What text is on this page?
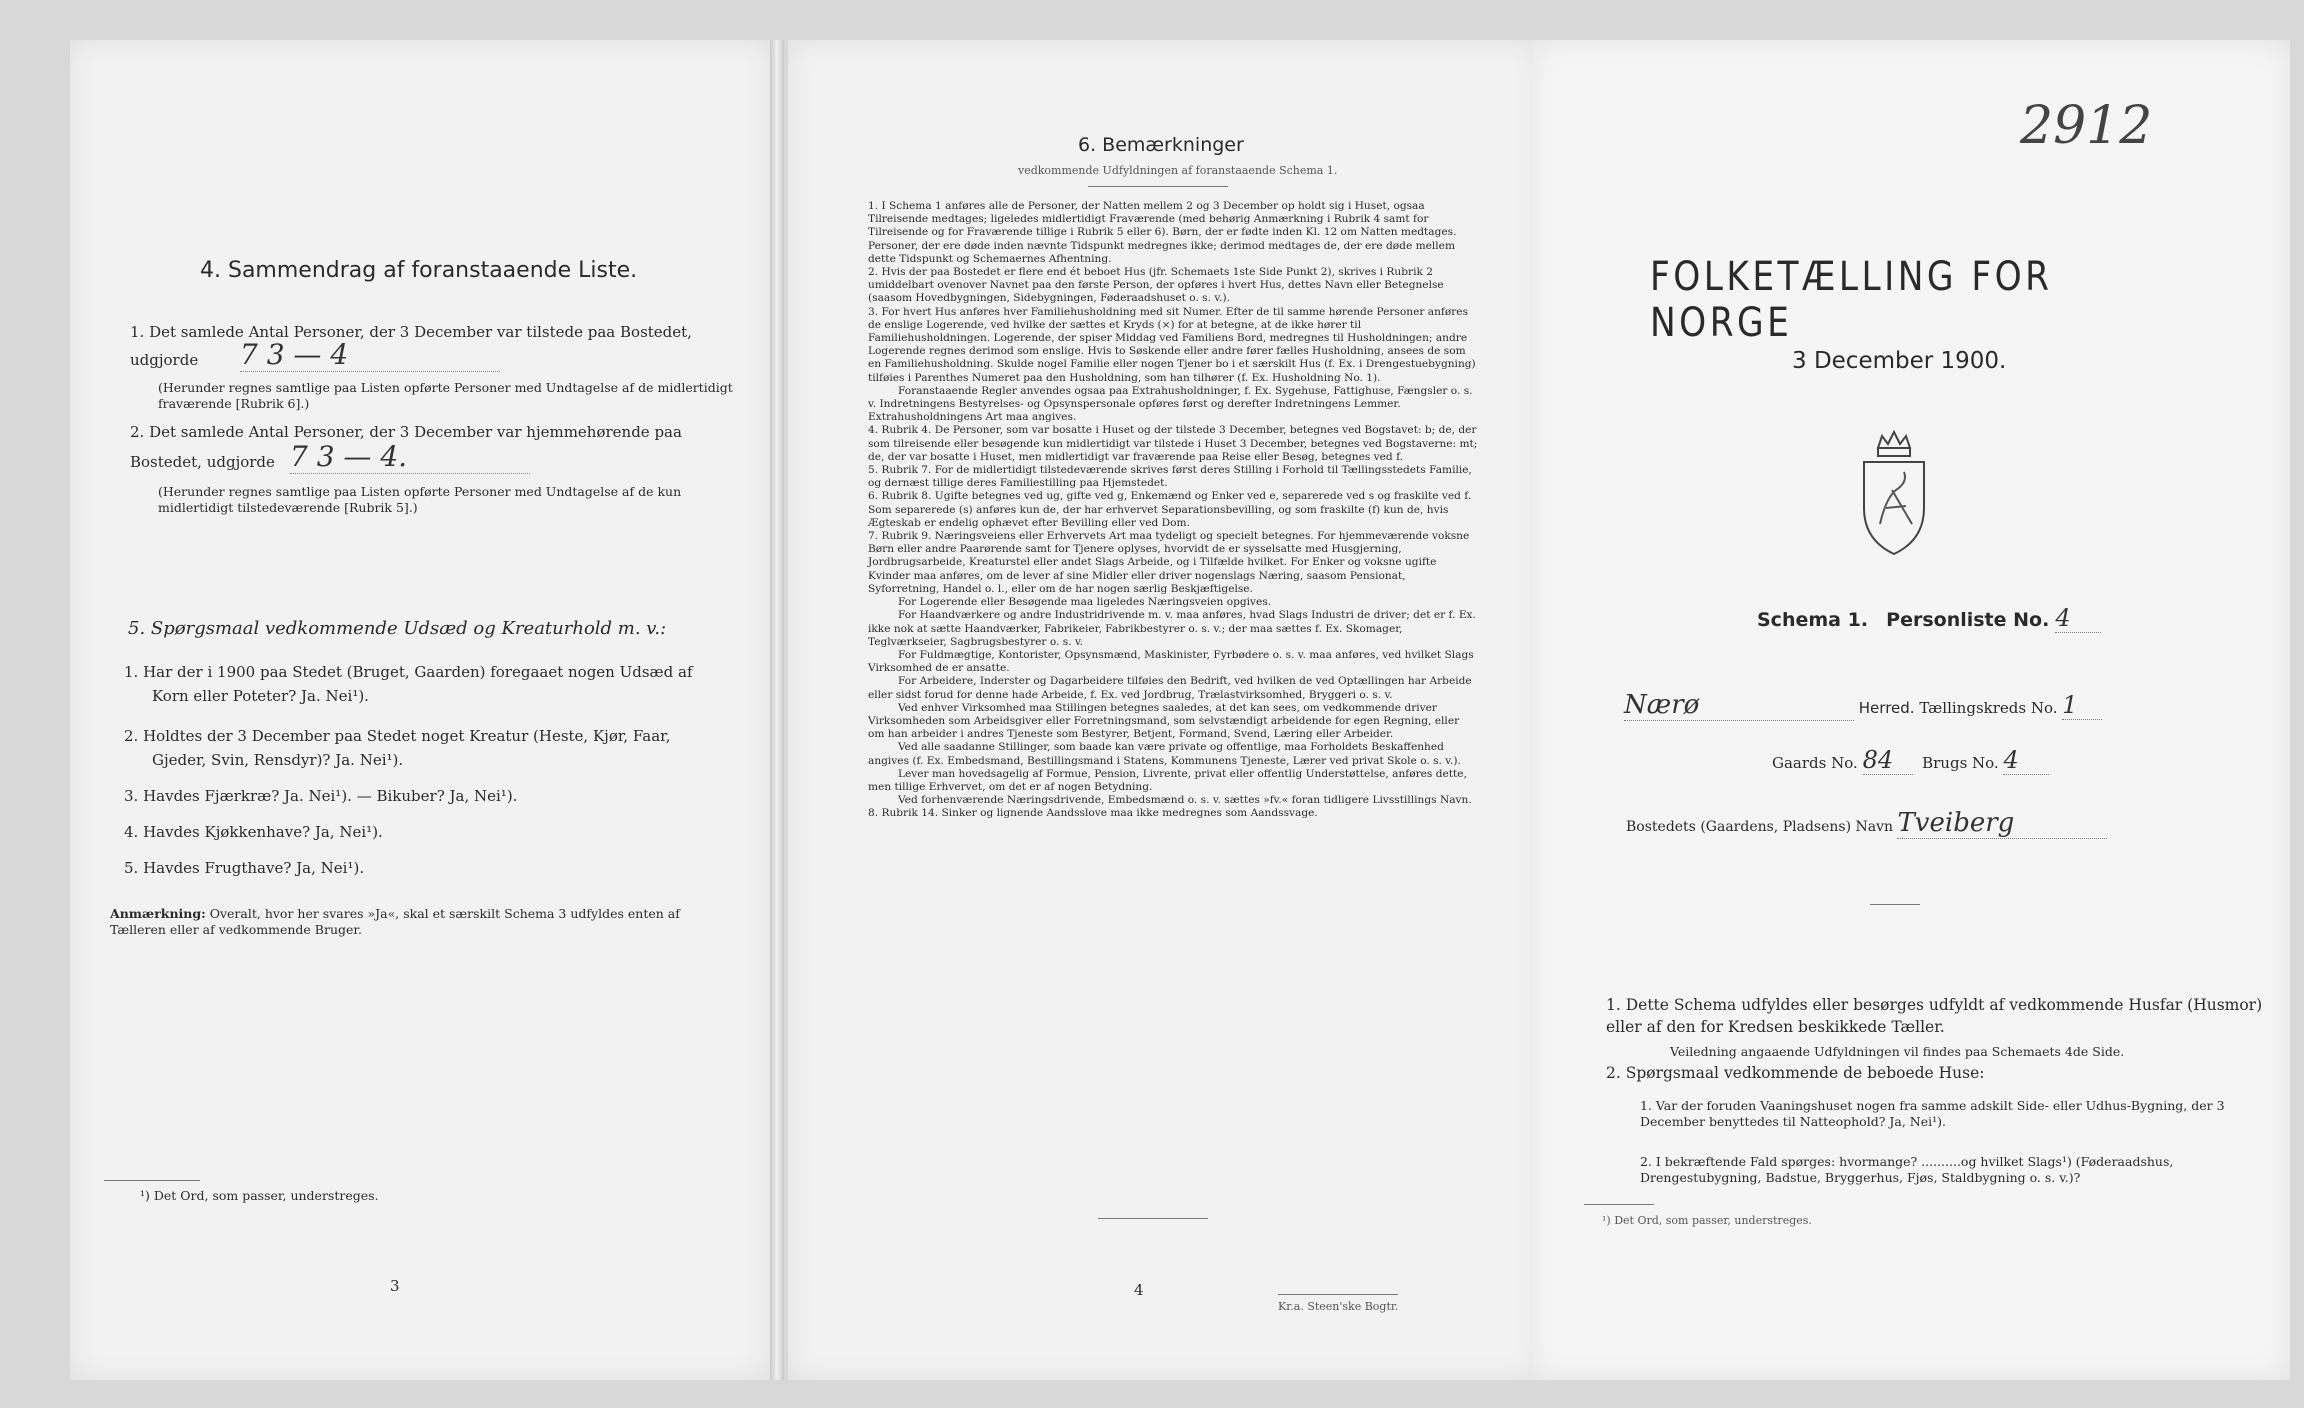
4. Sammendrag af foranstaaende Liste.
1. Det samlede Antal Personer, der 3 December var tilstede paa Bostedet,
udgjorde 7 3 — 4
(Herunder regnes samtlige paa Listen opførte Personer med Undtagelse af de midlertidigt fraværende [Rubrik 6].)
2. Det samlede Antal Personer, der 3 December var hjemmehørende paa
Bostedet, udgjorde 7 3 — 4.
(Herunder regnes samtlige paa Listen opførte Personer med Undtagelse af de kun midlertidigt tilstedeværende [Rubrik 5].)
5. Spørgsmaal vedkommende Udsæd og Kreaturhold m. v.:
1. Har der i 1900 paa Stedet (Bruget, Gaarden) foregaaet nogen Udsæd af
Korn eller Poteter? Ja. Nei¹).
2. Holdtes der 3 December paa Stedet noget Kreatur (Heste, Kjør, Faar,
Gjeder, Svin, Rensdyr)? Ja. Nei¹).
3. Havdes Fjærkræ? Ja. Nei¹). — Bikuber? Ja, Nei¹).
4. Havdes Kjøkkenhave? Ja, Nei¹).
5. Havdes Frugthave? Ja, Nei¹).
Anmærkning: Overalt, hvor her svares »Ja«, skal et særskilt Schema 3 udfyldes enten af Tælleren eller af vedkommende Bruger.
¹) Det Ord, som passer, understreges.
3
6. Bemærkninger
vedkommende Udfyldningen af foranstaaende Schema 1.

1. I Schema 1 anføres alle de Personer, der Natten mellem 2 og 3 December op holdt sig i Huset, ogsaa Tilreisende medtages; ligeledes midlertidigt Fraværende (med behørig Anmærkning i Rubrik 4 samt for Tilreisende og for Fraværende tillige i Rubrik 5 eller 6). Børn, der er fødte inden Kl. 12 om Natten medtages. Personer, der ere døde inden nævnte Tidspunkt medregnes ikke; derimod medtages de, der ere døde mellem dette Tidspunkt og Schemaernes Afhentning.

2. Hvis der paa Bostedet er flere end ét beboet Hus (jfr. Schemaets 1ste Side Punkt 2), skrives i Rubrik 2 umiddelbart ovenover Navnet paa den første Person, der opføres i hvert Hus, dettes Navn eller Betegnelse (saasom Hovedbygningen, Sidebygningen, Føderaadshuset o. s. v.).

3. For hvert Hus anføres hver Familiehusholdning med sit Numer. Efter de til samme hørende Personer anføres de enslige Logerende, ved hvilke der sættes et Kryds (×) for at betegne, at de ikke hører til Familiehusholdningen. Logerende, der spiser Middag ved Familiens Bord, medregnes til Husholdningen; andre Logerende regnes derimod som enslige. Hvis to Søskende eller andre fører fælles Husholdning, ansees de som en Familiehusholdning. Skulde nogel Familie eller nogen Tjener bo i et særskilt Hus (f. Ex. i Drengestuebygning) tilføies i Parenthes Numeret paa den Husholdning, som han tilhører (f. Ex. Husholdning No. 1).

Foranstaaende Regler anvendes ogsaa paa Extrahusholdninger, f. Ex. Sygehuse, Fattighuse, Fængsler o. s. v. Indretningens Bestyrelses- og Opsynspersonale opføres først og derefter Indretningens Lemmer. Extrahusholdningens Art maa angives.

4. Rubrik 4. De Personer, som var bosatte i Huset og der tilstede 3 December, betegnes ved Bogstavet: b; de, der som tilreisende eller besøgende kun midlertidigt var tilstede i Huset 3 December, betegnes ved Bogstaverne: mt; de, der var bosatte i Huset, men midlertidigt var fraværende paa Reise eller Besøg, betegnes ved f.

5. Rubrik 7. For de midlertidigt tilstedeværende skrives først deres Stilling i Forhold til Tællingsstedets Familie, og dernæst tillige deres Familiestilling paa Hjemstedet.

6. Rubrik 8. Ugifte betegnes ved ug, gifte ved g, Enkemænd og Enker ved e, separerede ved s og fraskilte ved f. Som separerede (s) anføres kun de, der har erhvervet Separationsbevilling, og som fraskilte (f) kun de, hvis Ægteskab er endelig ophævet efter Bevilling eller ved Dom.

7. Rubrik 9. Næringsveiens eller Erhvervets Art maa tydeligt og specielt betegnes. For hjemmeværende voksne Børn eller andre Paarørende samt for Tjenere oplyses, hvorvidt de er sysselsatte med Husgjerning, Jordbrugsarbeide, Kreaturstel eller andet Slags Arbeide, og i Tilfælde hvilket. For Enker og voksne ugifte Kvinder maa anføres, om de lever af sine Midler eller driver nogenslags Næring, saasom Pensionat, Syforretning, Handel o. l., eller om de har nogen særlig Beskjæftigelse.

For Logerende eller Besøgende maa ligeledes Næringsveien opgives.

For Haandværkere og andre Industridrivende m. v. maa anføres, hvad Slags Industri de driver; det er f. Ex. ikke nok at sætte Haandværker, Fabrikeier, Fabrikbestyrer o. s. v.; der maa sættes f. Ex. Skomager, Teglværkseier, Sagbrugsbestyrer o. s. v.

For Fuldmægtige, Kontorister, Opsynsmænd, Maskinister, Fyrbødere o. s. v. maa anføres, ved hvilket Slags Virksomhed de er ansatte.

For Arbeidere, Inderster og Dagarbeidere tilføies den Bedrift, ved hvilken de ved Optællingen har Arbeide eller sidst forud for denne hade Arbeide, f. Ex. ved Jordbrug, Trælastvirksomhed, Bryggeri o. s. v.

Ved enhver Virksomhed maa Stillingen betegnes saaledes, at det kan sees, om vedkommende driver Virksomheden som Arbeidsgiver eller Forretningsmand, som selvstændigt arbeidende for egen Regning, eller om han arbeider i andres Tjeneste som Bestyrer, Betjent, Formand, Svend, Læring eller Arbeider.

Ved alle saadanne Stillinger, som baade kan være private og offentlige, maa Forholdets Beskaffenhed angives (f. Ex. Embedsmand, Bestillingsmand i Statens, Kommunens Tjeneste, Lærer ved privat Skole o. s. v.).

Lever man hovedsagelig af Formue, Pension, Livrente, privat eller offentlig Understøttelse, anføres dette, men tillige Erhvervet, om det er af nogen Betydning.

Ved forhenværende Næringsdrivende, Embedsmænd o. s. v. sættes »fv.« foran tidligere Livsstillings Navn.

8. Rubrik 14. Sinker og lignende Aandsslove maa ikke medregnes som Aandssvage.

4
Kr.a. Steen'ske Bogtr.
2912
FOLKETÆLLING FOR NORGE
3 December 1900.
Schema 1. Personliste No. 4
Nærø	Herred. Tællingskreds No. 1
Gaards No. 84 Brugs No. 4
Bostedets (Gaardens, Pladsens) Navn Tveiberg
1. Dette Schema udfyldes eller besørges udfyldt af vedkommende Husfar (Husmor) eller af den for Kredsen beskikkede Tæller.
Veiledning angaaende Udfyldningen vil findes paa Schemaets 4de Side.
2. Spørgsmaal vedkommende de beboede Huse:
1. Var der foruden Vaaningshuset nogen fra samme adskilt Side- eller Udhus-Bygning, der 3 December benyttedes til Natteophold? Ja, Nei¹).
2. I bekræftende Fald spørges: hvormange? ..........og hvilket Slags¹) (Føderaadshus, Drengestubygning, Badstue, Bryggerhus, Fjøs, Staldbygning o. s. v.)?
¹) Det Ord, som passer, understreges.
